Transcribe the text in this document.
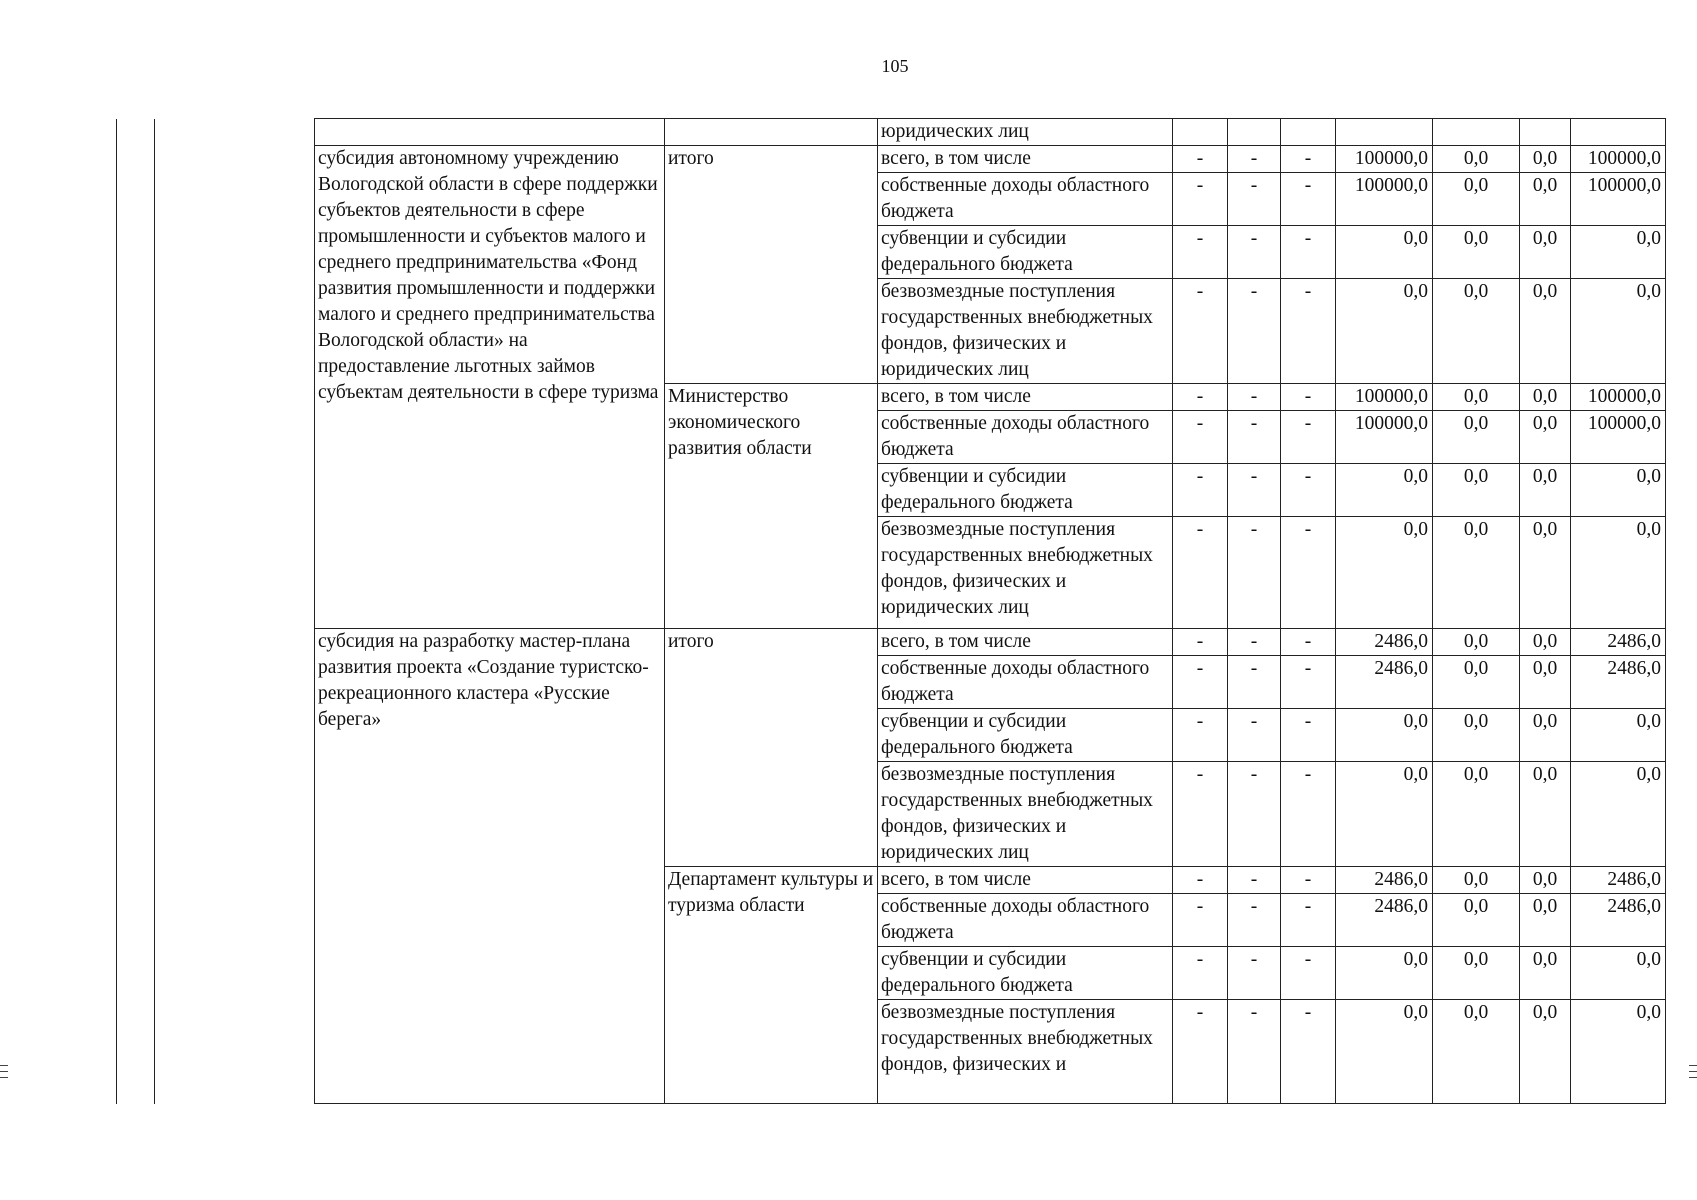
105
				юридических лиц							
		субсидия автономному учреждению Вологодской области в сфере поддержки субъектов деятельности в сфере промышленности и субъектов малого и среднего предпринимательства «Фонд развития промышленности и поддержки малого и среднего предпринимательства Вологодской области» на предоставление льготных займов субъектам деятельности в сфере туризма	итого	всего, в том числе	-	-	-	100000,0	0,0	0,0	100000,0
				собственные доходы областного бюджета	-	-	-	100000,0	0,0	0,0	100000,0
				субвенции и субсидии федерального бюджета	-	-	-	0,0	0,0	0,0	0,0
				безвозмездные поступления государственных внебюджетных фондов, физических и юридических лиц	-	-	-	0,0	0,0	0,0	0,0
			Министерство экономического развития области	всего, в том числе	-	-	-	100000,0	0,0	0,0	100000,0
				собственные доходы областного бюджета	-	-	-	100000,0	0,0	0,0	100000,0
				субвенции и субсидии федерального бюджета	-	-	-	0,0	0,0	0,0	0,0
				безвозмездные поступления государственных внебюджетных фондов, физических и юридических лиц	-	-	-	0,0	0,0	0,0	0,0
		субсидия на разработку мастер-плана развития проекта «Создание туристско-рекреационного кластера «Русские берега»	итого	всего, в том числе	-	-	-	2486,0	0,0	0,0	2486,0
				собственные доходы областного бюджета	-	-	-	2486,0	0,0	0,0	2486,0
				субвенции и субсидии федерального бюджета	-	-	-	0,0	0,0	0,0	0,0
				безвозмездные поступления государственных внебюджетных фондов, физических и юридических лиц	-	-	-	0,0	0,0	0,0	0,0
			Департамент культуры и туризма области	всего, в том числе	-	-	-	2486,0	0,0	0,0	2486,0
				собственные доходы областного бюджета	-	-	-	2486,0	0,0	0,0	2486,0
				субвенции и субсидии федерального бюджета	-	-	-	0,0	0,0	0,0	0,0
				безвозмездные поступления государственных внебюджетных фондов, физических и	-	-	-	0,0	0,0	0,0	0,0
